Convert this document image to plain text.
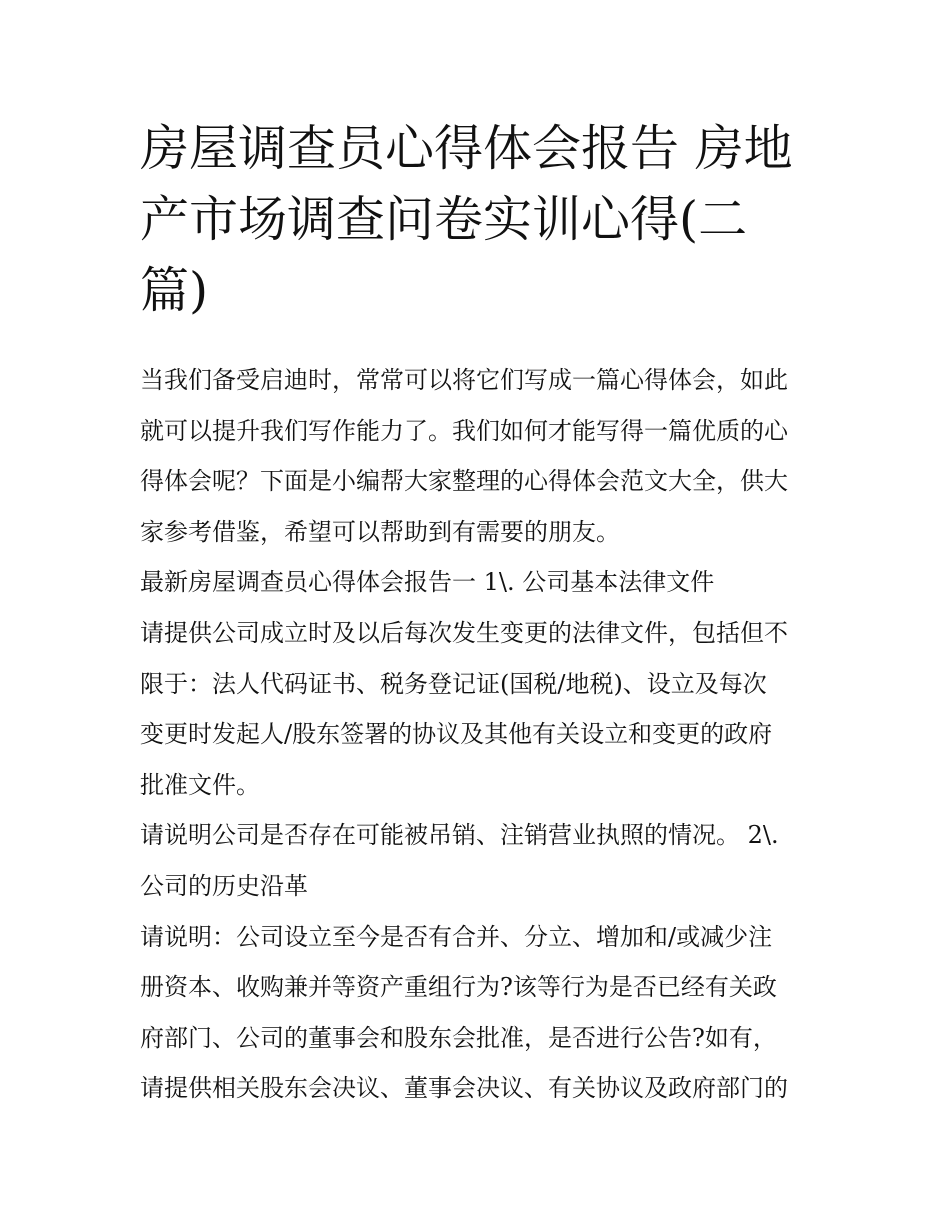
房屋调查员心得体会报告 房地
产市场调查问卷实训心得(二
篇)
当我们备受启迪时，常常可以将它们写成一篇心得体会，如此
就可以提升我们写作能力了。我们如何才能写得一篇优质的心
得体会呢？下面是小编帮大家整理的心得体会范文大全，供大
家参考借鉴，希望可以帮助到有需要的朋友。
最新房屋调查员心得体会报告一 1\. 公司基本法律文件
请提供公司成立时及以后每次发生变更的法律文件，包括但不
限于：法人代码证书、税务登记证(国税/地税)、设立及每次
变更时发起人/股东签署的协议及其他有关设立和变更的政府
批准文件。
请说明公司是否存在可能被吊销、注销营业执照的情况。 2\.
公司的历史沿革
请说明：公司设立至今是否有合并、分立、增加和/或减少注
册资本、收购兼并等资产重组行为?该等行为是否已经有关政
府部门、公司的董事会和股东会批准，是否进行公告?如有，
请提供相关股东会决议、董事会决议、有关协议及政府部门的
